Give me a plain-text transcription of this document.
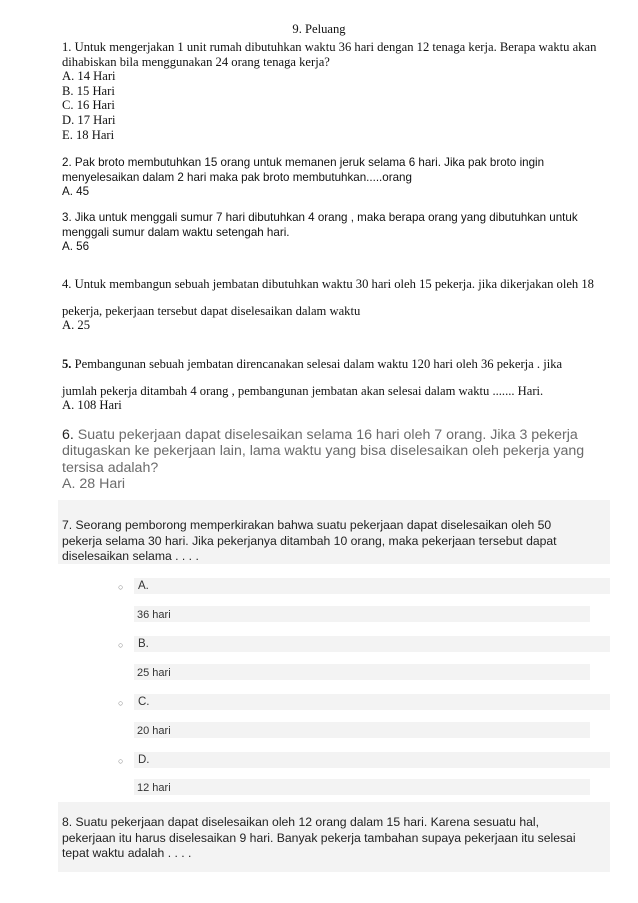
9. Peluang
1. Untuk mengerjakan 1 unit rumah dibutuhkan waktu 36 hari dengan 12 tenaga kerja. Berapa waktu akan
dihabiskan bila menggunakan 24 orang tenaga kerja?
A. 14 Hari
B. 15 Hari
C. 16 Hari
D. 17 Hari
E. 18 Hari
2. Pak broto membutuhkan 15 orang untuk memanen jeruk selama 6 hari. Jika pak broto ingin
menyelesaikan dalam 2 hari maka pak broto membutuhkan.....orang
A. 45
3. Jika untuk menggali sumur 7 hari dibutuhkan 4 orang , maka berapa orang yang dibutuhkan untuk
menggali sumur dalam waktu setengah hari.
A. 56
4. Untuk membangun sebuah jembatan dibutuhkan waktu 30 hari oleh 15 pekerja. jika dikerjakan oleh 18
pekerja, pekerjaan tersebut dapat diselesaikan dalam waktu
A. 25
5. Pembangunan sebuah jembatan direncanakan selesai dalam waktu 120 hari oleh 36 pekerja . jika
jumlah pekerja ditambah 4 orang , pembangunan jembatan akan selesai dalam waktu ....... Hari.
A. 108 Hari
6. Suatu pekerjaan dapat diselesaikan selama 16 hari oleh 7 orang. Jika 3 pekerja
ditugaskan ke pekerjaan lain, lama waktu yang bisa diselesaikan oleh pekerja yang
tersisa adalah?
A. 28 Hari
7. Seorang pemborong memperkirakan bahwa suatu pekerjaan dapat diselesaikan oleh 50
pekerja selama 30 hari. Jika pekerjanya ditambah 10 orang, maka pekerjaan tersebut dapat
diselesaikan selama . . . .
○ A.
36 hari
○ B.
25 hari
○ C.
20 hari
○ D.
12 hari
8. Suatu pekerjaan dapat diselesaikan oleh 12 orang dalam 15 hari. Karena sesuatu hal,
pekerjaan itu harus diselesaikan 9 hari. Banyak pekerja tambahan supaya pekerjaan itu selesai
tepat waktu adalah . . . .
